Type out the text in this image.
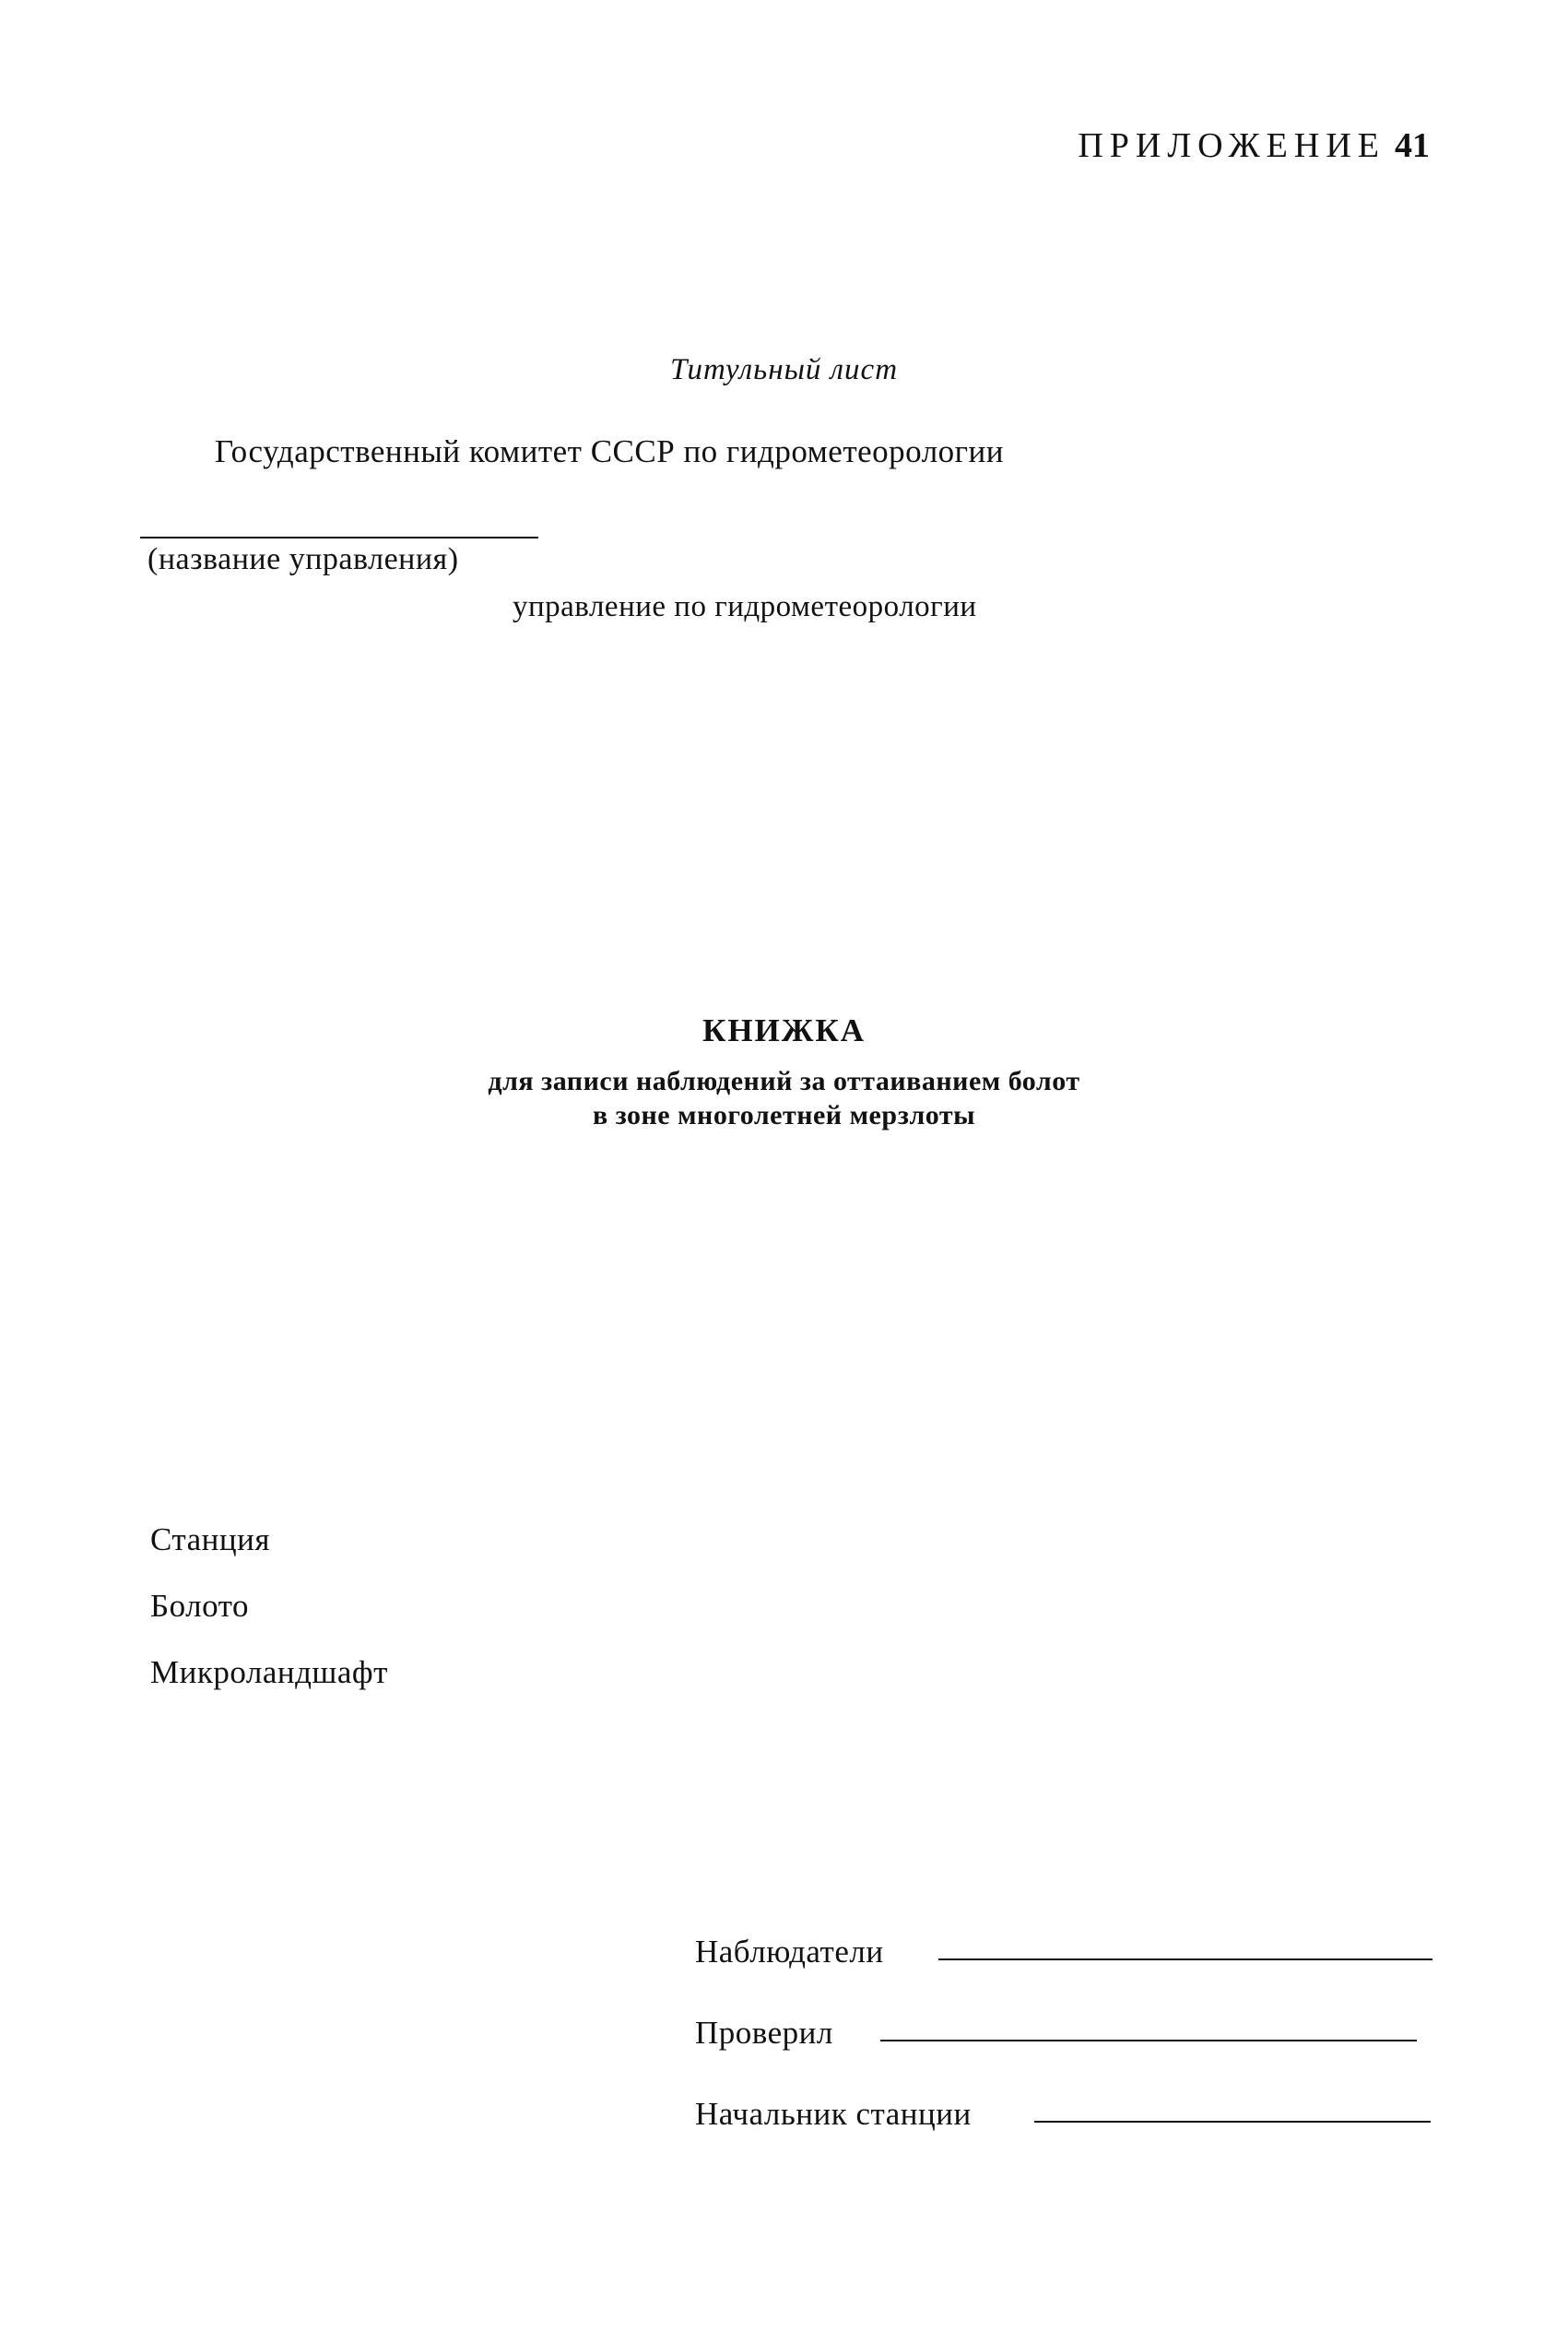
ПРИЛОЖЕНИЕ 41
Титульный лист
Государственный комитет СССР по гидрометеорологии
(название управления)
управление по гидрометеорологии
КНИЖКА
для записи наблюдений за оттаиванием болот
в зоне многолетней мерзлоты
Станция
Болото
Микроландшафт
Наблюдатели
Проверил
Начальник станции
